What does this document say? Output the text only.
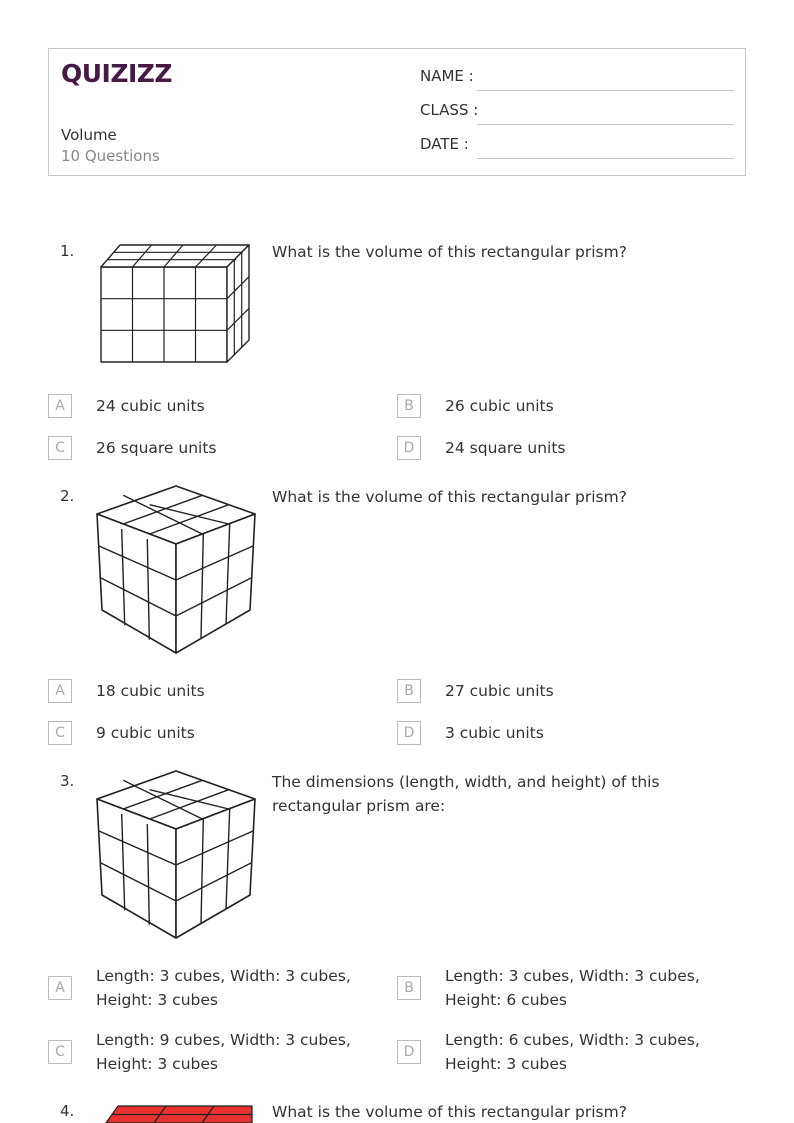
QUIZIZZ
Volume
10 Questions
NAME :
CLASS :
DATE :
1.	What is the volume of this rectangular prism?
A	24 cubic units	B	26 cubic units
C	26 square units	D	24 square units
2.	What is the volume of this rectangular prism?
A	18 cubic units	B	27 cubic units
C	9 cubic units	D	3 cubic units
3.	The dimensions (length, width, and height) of this rectangular prism are:
A
Length: 3 cubes, Width: 3 cubes, Height: 3 cubes
B
Length: 3 cubes, Width: 3 cubes, Height: 6 cubes
C
Length: 9 cubes, Width: 3 cubes, Height: 3 cubes
D
Length: 6 cubes, Width: 3 cubes, Height: 3 cubes
4.	What is the volume of this rectangular prism?
